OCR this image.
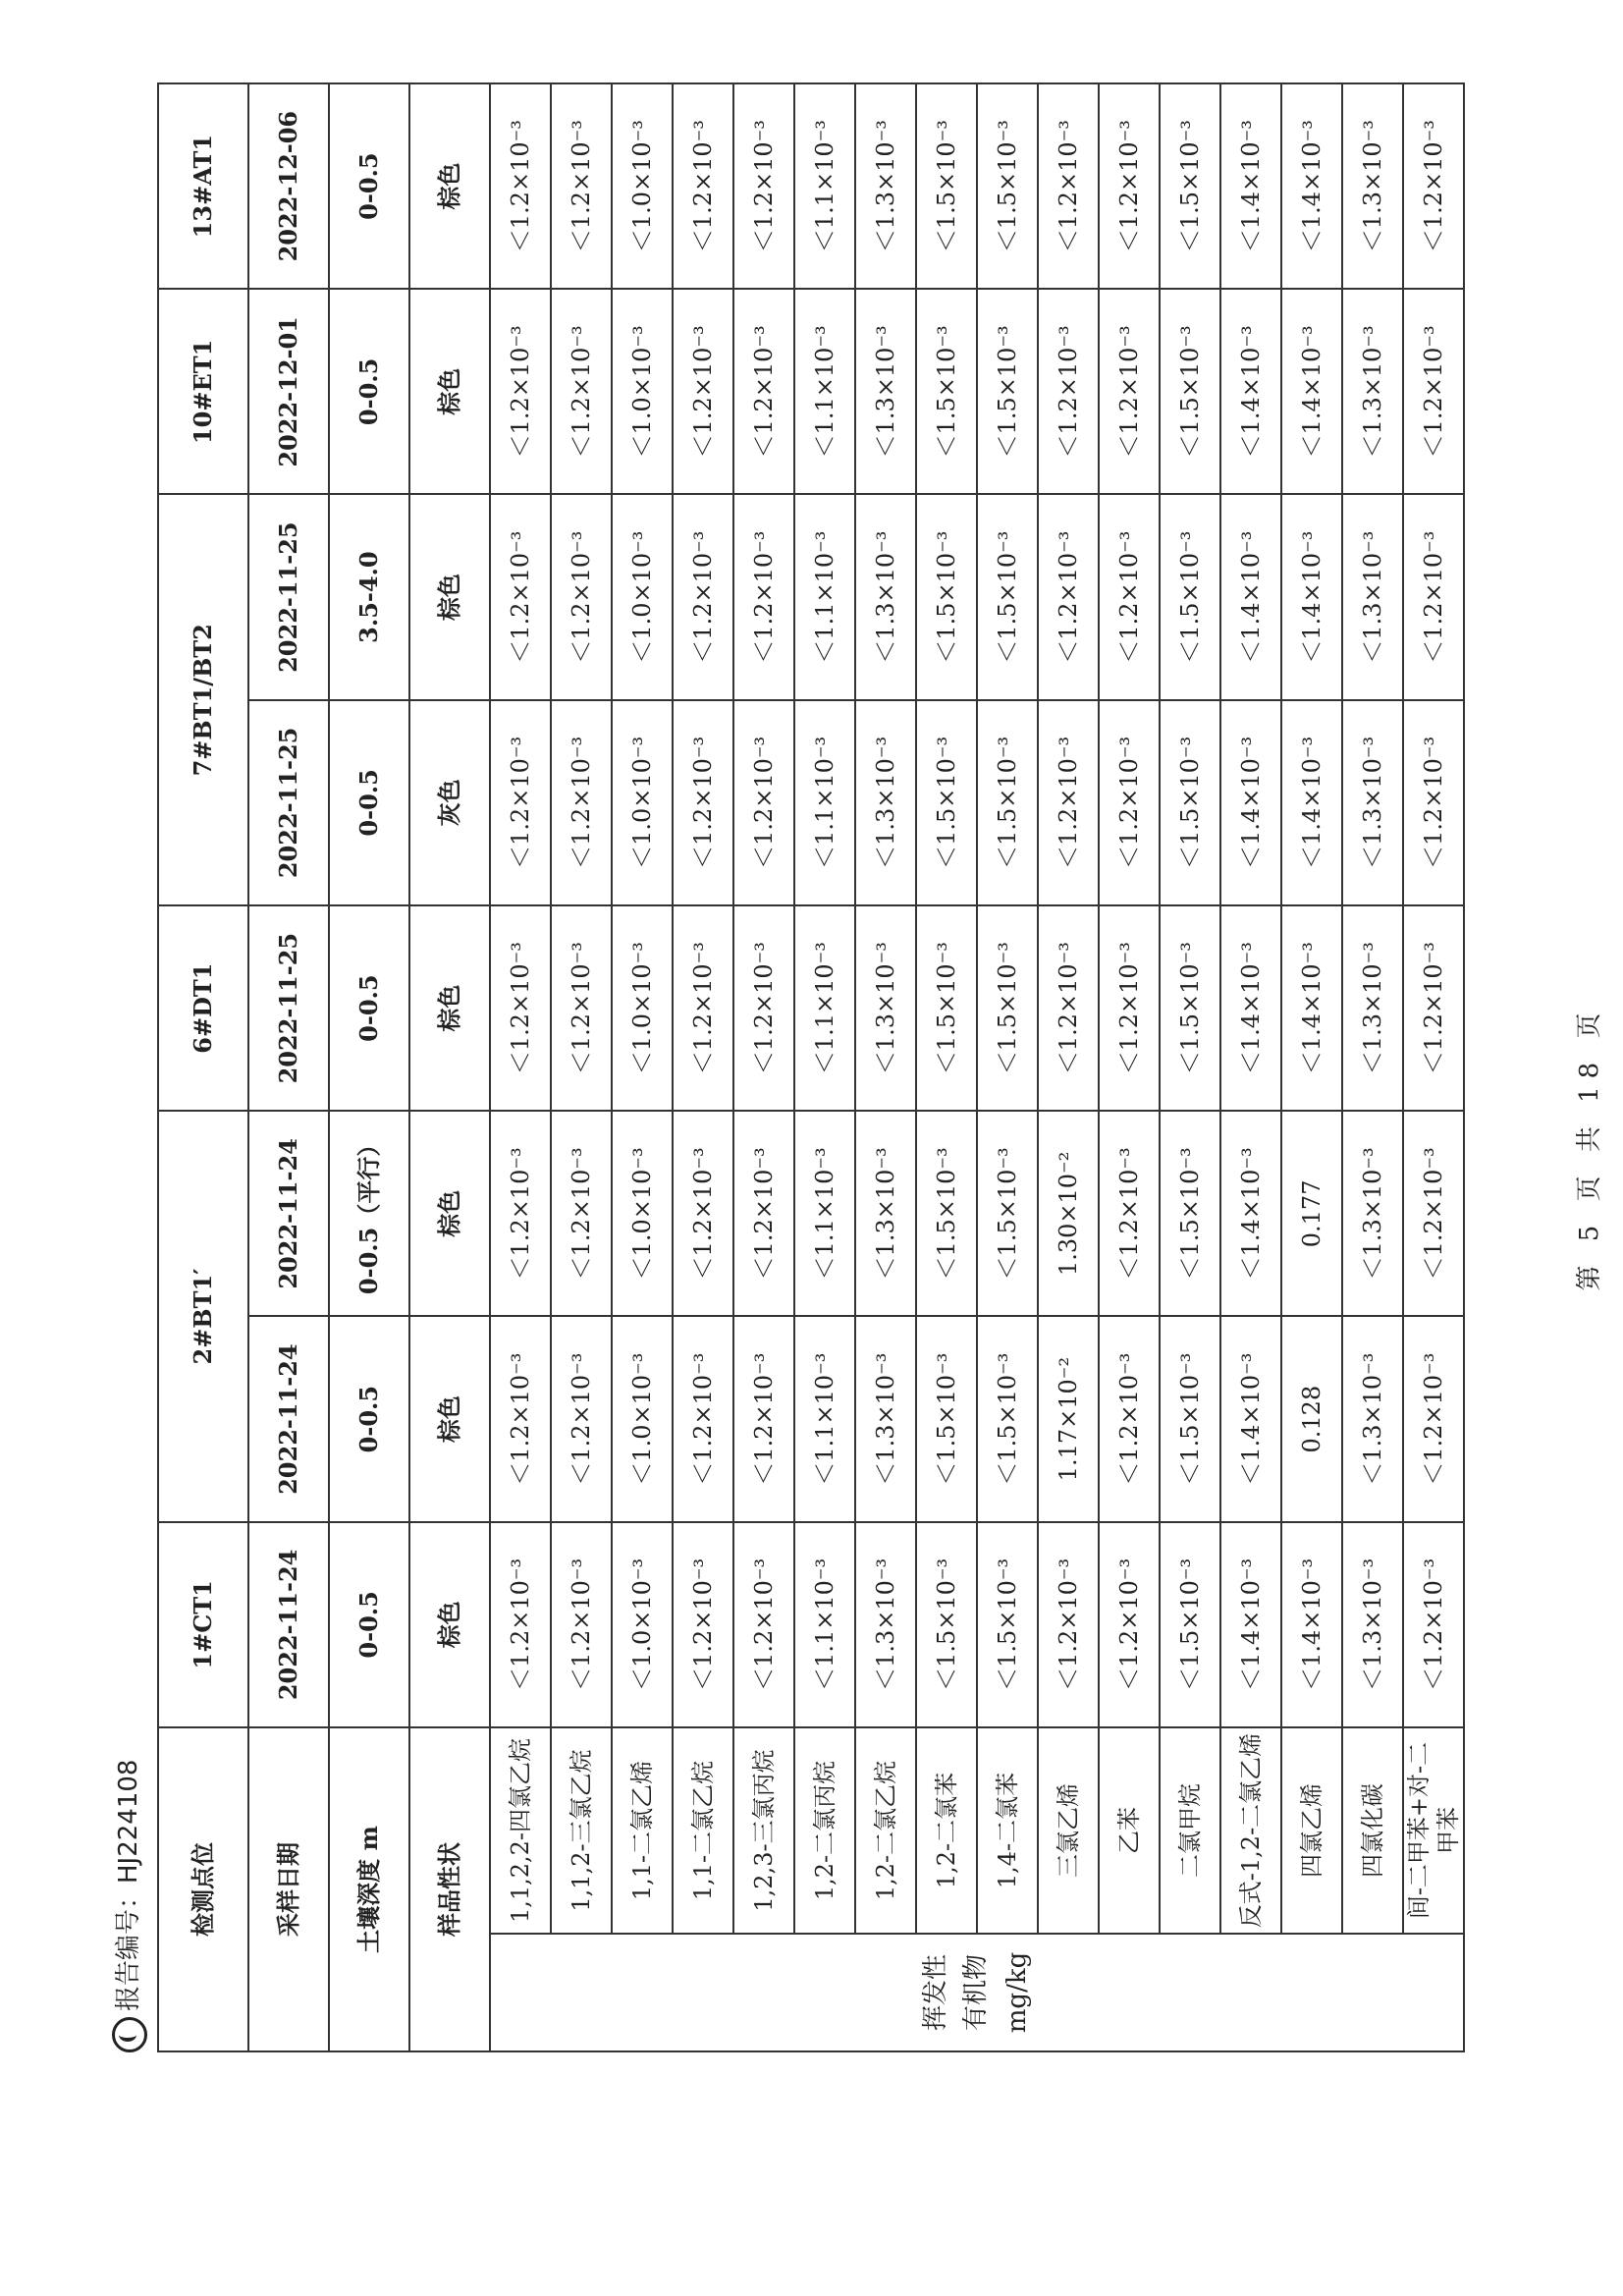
报告编号：HJ224108 检测点位		1#CT1	2#BT1′		6#DT1	7#BT1/BT2		10#ET1	13#AT1
采样日期		2022-11-24	2022-11-24	2022-11-24	2022-11-25	2022-11-25	2022-11-25	2022-12-01	2022-12-06
土壤深度 m		0-0.5	0-0.5	0-0.5（平行）	0-0.5	0-0.5	3.5-4.0	0-0.5	0-0.5
样品性状		棕色	棕色	棕色	棕色	灰色	棕色	棕色	棕色

挥发性 有机物 mg/kg	1,1,2,2-四氯乙烷	＜1.2×10⁻³	＜1.2×10⁻³	＜1.2×10⁻³	＜1.2×10⁻³	＜1.2×10⁻³	＜1.2×10⁻³	＜1.2×10⁻³	＜1.2×10⁻³
	1,1,2-三氯乙烷	＜1.2×10⁻³	＜1.2×10⁻³	＜1.2×10⁻³	＜1.2×10⁻³	＜1.2×10⁻³	＜1.2×10⁻³	＜1.2×10⁻³	＜1.2×10⁻³
	1,1-二氯乙烯	＜1.0×10⁻³	＜1.0×10⁻³	＜1.0×10⁻³	＜1.0×10⁻³	＜1.0×10⁻³	＜1.0×10⁻³	＜1.0×10⁻³	＜1.0×10⁻³
	1,1-二氯乙烷	＜1.2×10⁻³	＜1.2×10⁻³	＜1.2×10⁻³	＜1.2×10⁻³	＜1.2×10⁻³	＜1.2×10⁻³	＜1.2×10⁻³	＜1.2×10⁻³
	1,2,3-三氯丙烷	＜1.2×10⁻³	＜1.2×10⁻³	＜1.2×10⁻³	＜1.2×10⁻³	＜1.2×10⁻³	＜1.2×10⁻³	＜1.2×10⁻³	＜1.2×10⁻³
	1,2-二氯丙烷	＜1.1×10⁻³	＜1.1×10⁻³	＜1.1×10⁻³	＜1.1×10⁻³	＜1.1×10⁻³	＜1.1×10⁻³	＜1.1×10⁻³	＜1.1×10⁻³
	1,2-二氯乙烷	＜1.3×10⁻³	＜1.3×10⁻³	＜1.3×10⁻³	＜1.3×10⁻³	＜1.3×10⁻³	＜1.3×10⁻³	＜1.3×10⁻³	＜1.3×10⁻³
	1,2-二氯苯	＜1.5×10⁻³	＜1.5×10⁻³	＜1.5×10⁻³	＜1.5×10⁻³	＜1.5×10⁻³	＜1.5×10⁻³	＜1.5×10⁻³	＜1.5×10⁻³
	1,4-二氯苯	＜1.5×10⁻³	＜1.5×10⁻³	＜1.5×10⁻³	＜1.5×10⁻³	＜1.5×10⁻³	＜1.5×10⁻³	＜1.5×10⁻³	＜1.5×10⁻³
	三氯乙烯	＜1.2×10⁻³	1.17×10⁻²	1.30×10⁻²	＜1.2×10⁻³	＜1.2×10⁻³	＜1.2×10⁻³	＜1.2×10⁻³	＜1.2×10⁻³
	乙苯	＜1.2×10⁻³	＜1.2×10⁻³	＜1.2×10⁻³	＜1.2×10⁻³	＜1.2×10⁻³	＜1.2×10⁻³	＜1.2×10⁻³	＜1.2×10⁻³
	二氯甲烷	＜1.5×10⁻³	＜1.5×10⁻³	＜1.5×10⁻³	＜1.5×10⁻³	＜1.5×10⁻³	＜1.5×10⁻³	＜1.5×10⁻³	＜1.5×10⁻³
	反式-1,2-二氯乙烯	＜1.4×10⁻³	＜1.4×10⁻³	＜1.4×10⁻³	＜1.4×10⁻³	＜1.4×10⁻³	＜1.4×10⁻³	＜1.4×10⁻³	＜1.4×10⁻³
	四氯乙烯	＜1.4×10⁻³	0.128	0.177	＜1.4×10⁻³	＜1.4×10⁻³	＜1.4×10⁻³	＜1.4×10⁻³	＜1.4×10⁻³
	四氯化碳	＜1.3×10⁻³	＜1.3×10⁻³	＜1.3×10⁻³	＜1.3×10⁻³	＜1.3×10⁻³	＜1.3×10⁻³	＜1.3×10⁻³	＜1.3×10⁻³
	间-二甲苯+对-二甲苯	＜1.2×10⁻³	＜1.2×10⁻³	＜1.2×10⁻³	＜1.2×10⁻³	＜1.2×10⁻³	＜1.2×10⁻³	＜1.2×10⁻³	＜1.2×10⁻³
第 5 页 共 18 页
